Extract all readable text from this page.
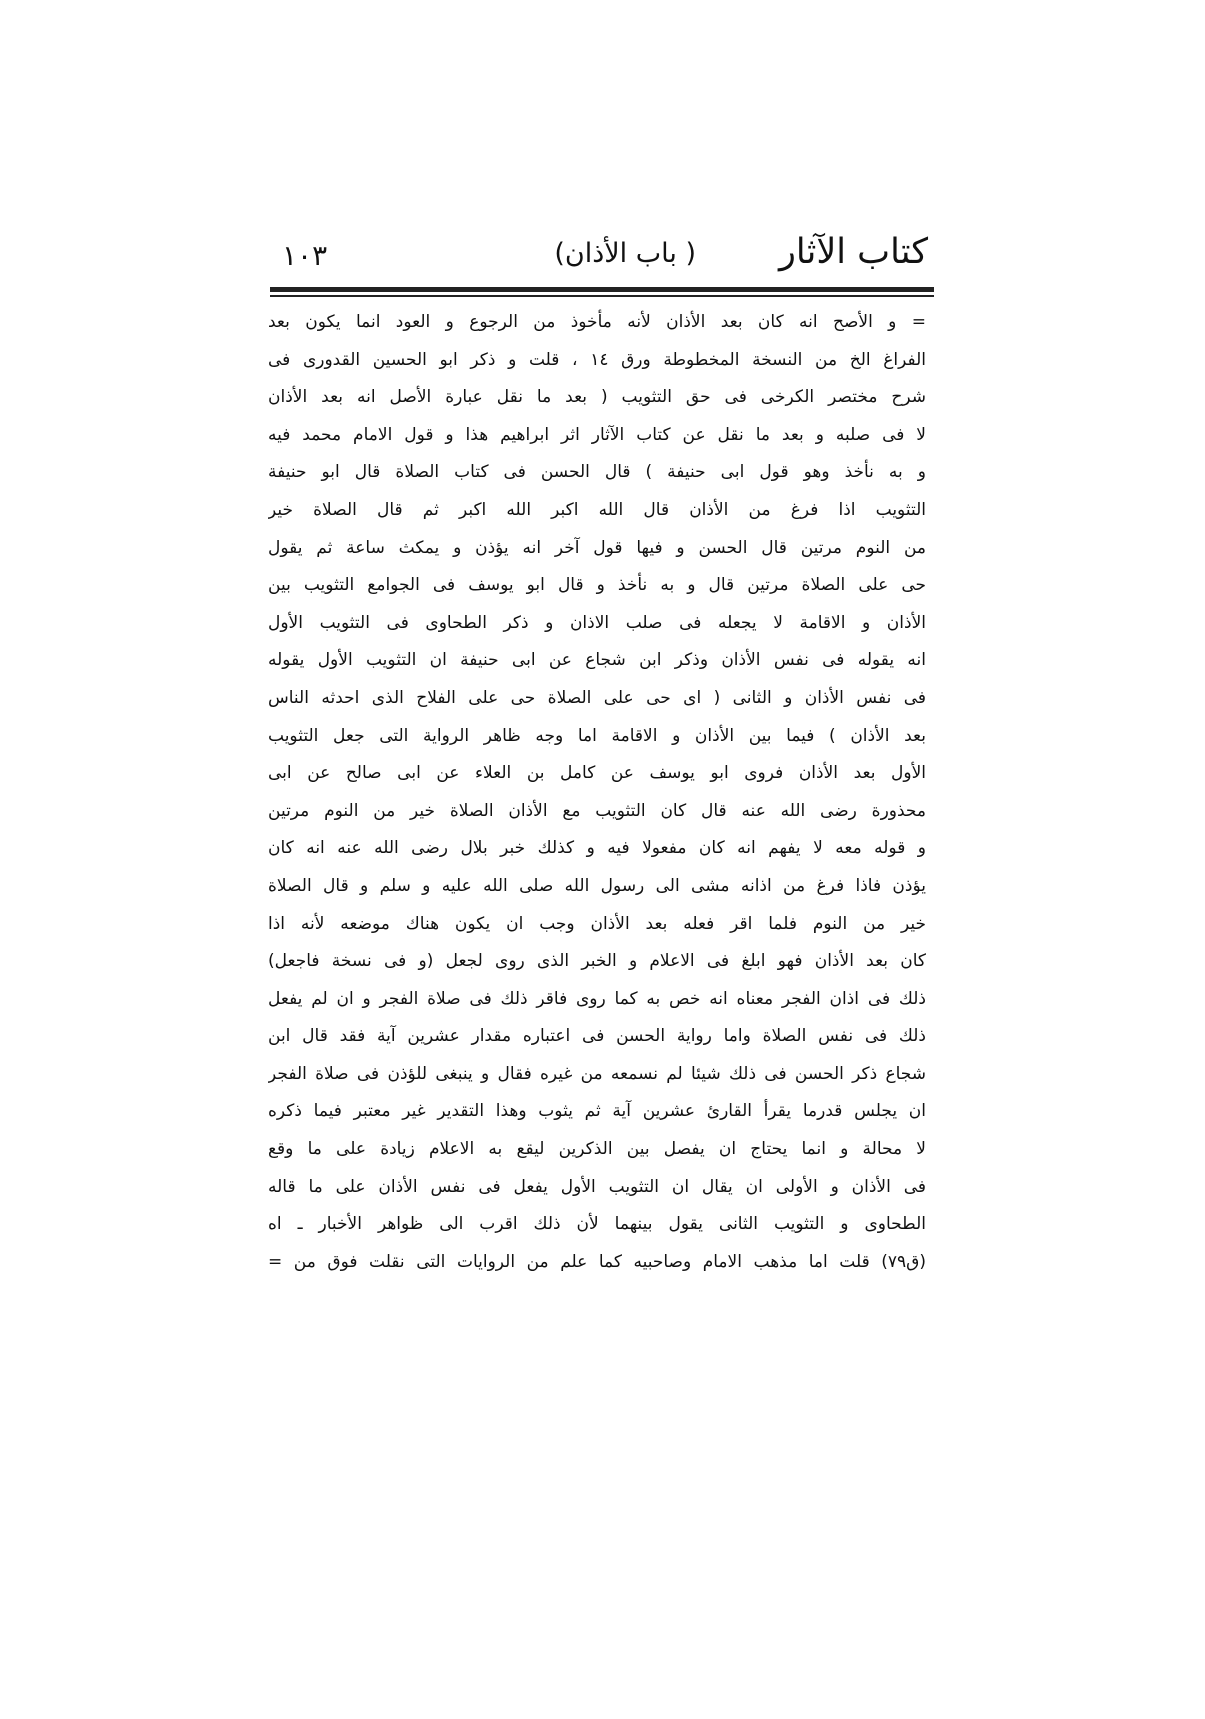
كتاب الآثار
( باب الأذان)
١٠٣
= و الأصح انه كان بعد الأذان لأنه مأخوذ من الرجوع و العود انما يكون بعد
الفراغ الخ من النسخة المخطوطة ورق ١٤ ، قلت و ذكر ابو الحسين القدورى فى
شرح مختصر الكرخى فى حق التثويب ( بعد ما نقل عبارة الأصل انه بعد الأذان
لا فى صلبه و بعد ما نقل عن كتاب الآثار اثر ابراهيم هذا و قول الامام محمد فيه
و به نأخذ وهو قول ابى حنيفة ) قال الحسن فى كتاب الصلاة قال ابو حنيفة
التثويب اذا فرغ من الأذان قال الله اكبر الله اكبر ثم قال الصلاة خير
من النوم مرتين قال الحسن و فيها قول آخر انه يؤذن و يمكث ساعة ثم يقول
حى على الصلاة مرتين قال و به نأخذ و قال ابو يوسف فى الجوامع التثويب بين
الأذان و الاقامة لا يجعله فى صلب الاذان و ذكر الطحاوى فى التثويب الأول
انه يقوله فى نفس الأذان وذكر ابن شجاع عن ابى حنيفة ان التثويب الأول يقوله
فى نفس الأذان و الثانى ( اى حى على الصلاة حى على الفلاح الذى احدثه الناس
بعد الأذان ) فيما بين الأذان و الاقامة اما وجه ظاهر الرواية التى جعل التثويب
الأول بعد الأذان فروى ابو يوسف عن كامل بن العلاء عن ابى صالح عن ابى
محذورة رضى الله عنه قال كان التثويب مع الأذان الصلاة خير من النوم مرتين
و قوله معه لا يفهم انه كان مفعولا فيه و كذلك خبر بلال رضى الله عنه انه كان
يؤذن فاذا فرغ من اذانه مشى الى رسول الله صلى الله عليه و سلم و قال الصلاة
خير من النوم فلما اقر فعله بعد الأذان وجب ان يكون هناك موضعه لأنه اذا
كان بعد الأذان فهو ابلغ فى الاعلام و الخبر الذى روى لجعل (و فى نسخة فاجعل)
ذلك فى اذان الفجر معناه انه خص به كما روى فاقر ذلك فى صلاة الفجر و ان لم يفعل
ذلك فى نفس الصلاة واما رواية الحسن فى اعتباره مقدار عشرين آية فقد قال ابن
شجاع ذكر الحسن فى ذلك شيئا لم نسمعه من غيره فقال و ينبغى للؤذن فى صلاة الفجر
ان يجلس قدرما يقرأ القارئ عشرين آية ثم يثوب وهذا التقدير غير معتبر فيما ذكره
لا محالة و انما يحتاج ان يفصل بين الذكرين ليقع به الاعلام زيادة على ما وقع
فى الأذان و الأولى ان يقال ان التثويب الأول يفعل فى نفس الأذان على ما قاله
الطحاوى و التثويب الثانى يقول بينهما لأن ذلك اقرب الى ظواهر الأخبار ـ اه
(ق٧٩) قلت اما مذهب الامام وصاحبيه كما علم من الروايات التى نقلت فوق من =
